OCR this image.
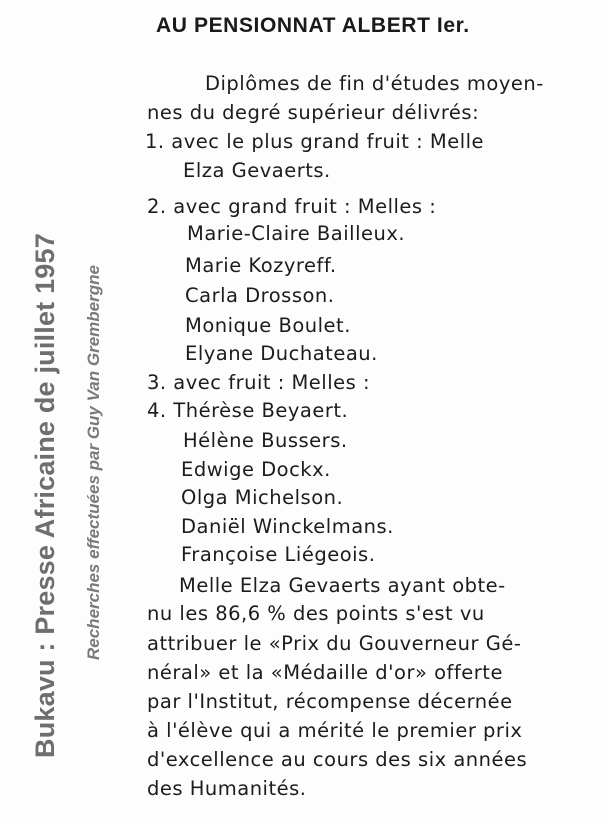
Bukavu : Presse Africaine de juillet 1957 Recherches effectuées par Guy Van Grembergne
AU PENSIONNAT ALBERT Ier.
Diplômes de fin d'études moyen-
nes du degré supérieur délivrés:
1. avec le plus grand fruit : Melle
Elza Gevaerts.
2. avec grand fruit : Melles :
Marie-Claire Bailleux.
Marie Kozyreff.
Carla Drosson.
Monique Boulet.
Elyane Duchateau.
3. avec fruit : Melles :
4. Thérèse Beyaert.
Hélène Bussers.
Edwige Dockx.
Olga Michelson.
Daniël Winckelmans.
Françoise Liégeois.
Melle Elza Gevaerts ayant obte-
nu les 86,6 % des points s'est vu
attribuer le «Prix du Gouverneur Gé-
néral» et la «Médaille d'or» offerte
par l'Institut, récompense décernée
à l'élève qui a mérité le premier prix
d'excellence au cours des six années
des Humanités.
